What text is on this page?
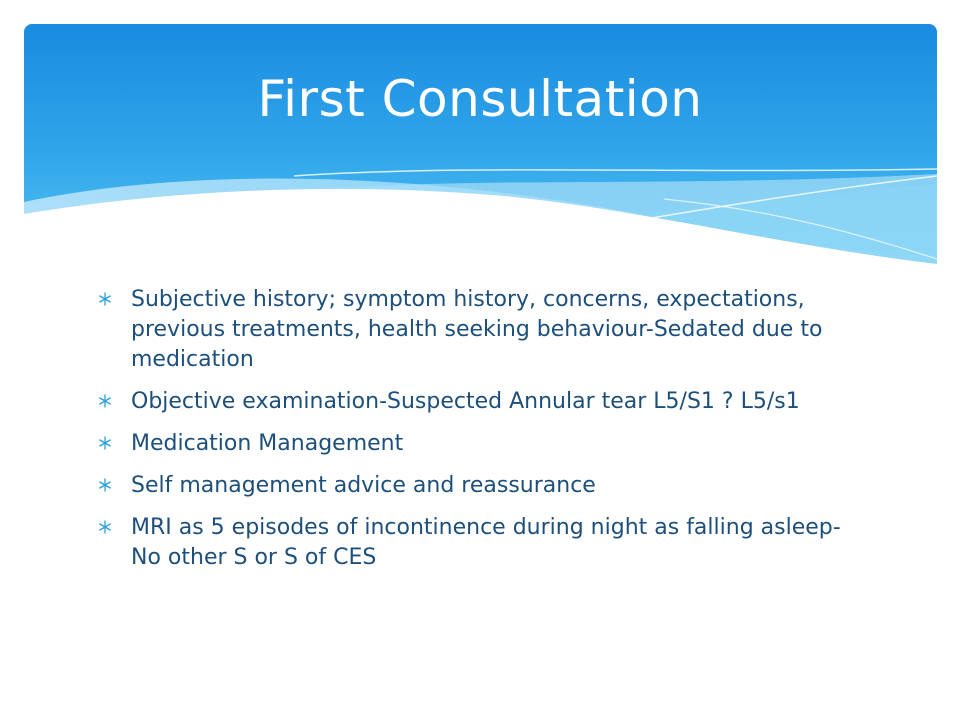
First Consultation
Subjective history; symptom history, concerns, expectations, previous treatments, health seeking behaviour-Sedated due to medication
Objective examination-Suspected Annular tear L5/S1 ? L5/s1
Medication Management
Self management advice and reassurance
MRI as 5 episodes of incontinence during night as falling asleep-No other S or S of CES
